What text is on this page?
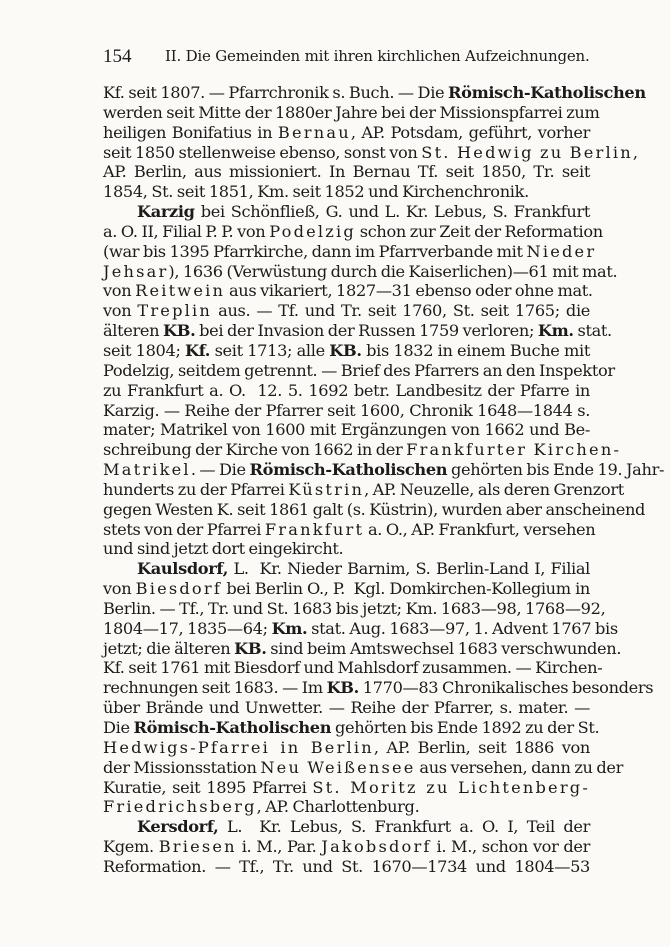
154 II. Die Gemeinden mit ihren kirchlichen Aufzeichnungen.
Kf. seit 1807. — Pfarrchronik s. Buch. — Die Römisch-Katholischen
werden seit Mitte der 1880er Jahre bei der Missionspfarrei zum
heiligen Bonifatius in Bernau, AP. Potsdam, geführt, vorher
seit 1850 stellenweise ebenso, sonst von St. Hedwig zu Berlin,
AP. Berlin, aus missioniert. In Bernau Tf. seit 1850, Tr. seit
1854, St. seit 1851, Km. seit 1852 und Kirchenchronik.
Karzig bei Schönfließ, G. und L. Kr. Lebus, S. Frankfurt
a. O. II, Filial P. P. von Podelzig schon zur Zeit der Reformation
(war bis 1395 Pfarrkirche, dann im Pfarrverbande mit Nieder
Jehsar), 1636 (Verwüstung durch die Kaiserlichen)—61 mit mat.
von Reitwein aus vikariert, 1827—31 ebenso oder ohne mat.
von Treplin aus. — Tf. und Tr. seit 1760, St. seit 1765; die
älteren KB. bei der Invasion der Russen 1759 verloren; Km. stat.
seit 1804; Kf. seit 1713; alle KB. bis 1832 in einem Buche mit
Podelzig, seitdem getrennt. — Brief des Pfarrers an den Inspektor
zu Frankfurt a. O.  12. 5. 1692 betr. Landbesitz der Pfarre in
Karzig. — Reihe der Pfarrer seit 1600, Chronik 1648—1844 s.
mater; Matrikel von 1600 mit Ergänzungen von 1662 und Be-
schreibung der Kirche von 1662 in der Frankfurter Kirchen-
Matrikel. — Die Römisch-Katholischen gehörten bis Ende 19. Jahr-
hunderts zu der Pfarrei Küstrin, AP. Neuzelle, als deren Grenzort
gegen Westen K. seit 1861 galt (s. Küstrin), wurden aber anscheinend
stets von der Pfarrei Frankfurt a. O., AP. Frankfurt, versehen
und sind jetzt dort eingekircht.
Kaulsdorf, L.  Kr. Nieder Barnim, S. Berlin-Land I, Filial
von Biesdorf bei Berlin O., P.  Kgl. Domkirchen-Kollegium in
Berlin. — Tf., Tr. und St. 1683 bis jetzt; Km. 1683—98, 1768—92,
1804—17, 1835—64; Km. stat. Aug. 1683—97, 1. Advent 1767 bis
jetzt; die älteren KB. sind beim Amtswechsel 1683 verschwunden.
Kf. seit 1761 mit Biesdorf und Mahlsdorf zusammen. — Kirchen-
rechnungen seit 1683. — Im KB. 1770—83 Chronikalisches besonders
über Brände und Unwetter. — Reihe der Pfarrer, s. mater. —
Die Römisch-Katholischen gehörten bis Ende 1892 zu der St.
Hedwigs-Pfarrei in Berlin, AP. Berlin, seit 1886 von
der Missionsstation Neu Weißensee aus versehen, dann zu der
Kuratie, seit 1895 Pfarrei St. Moritz zu Lichtenberg-
Friedrichsberg, AP. Charlottenburg.
Kersdorf, L.  Kr. Lebus, S. Frankfurt a. O. I, Teil der
Kgem. Briesen i. M., Par. Jakobsdorf i. M., schon vor der
Reformation. — Tf., Tr. und St. 1670—1734 und 1804—53
